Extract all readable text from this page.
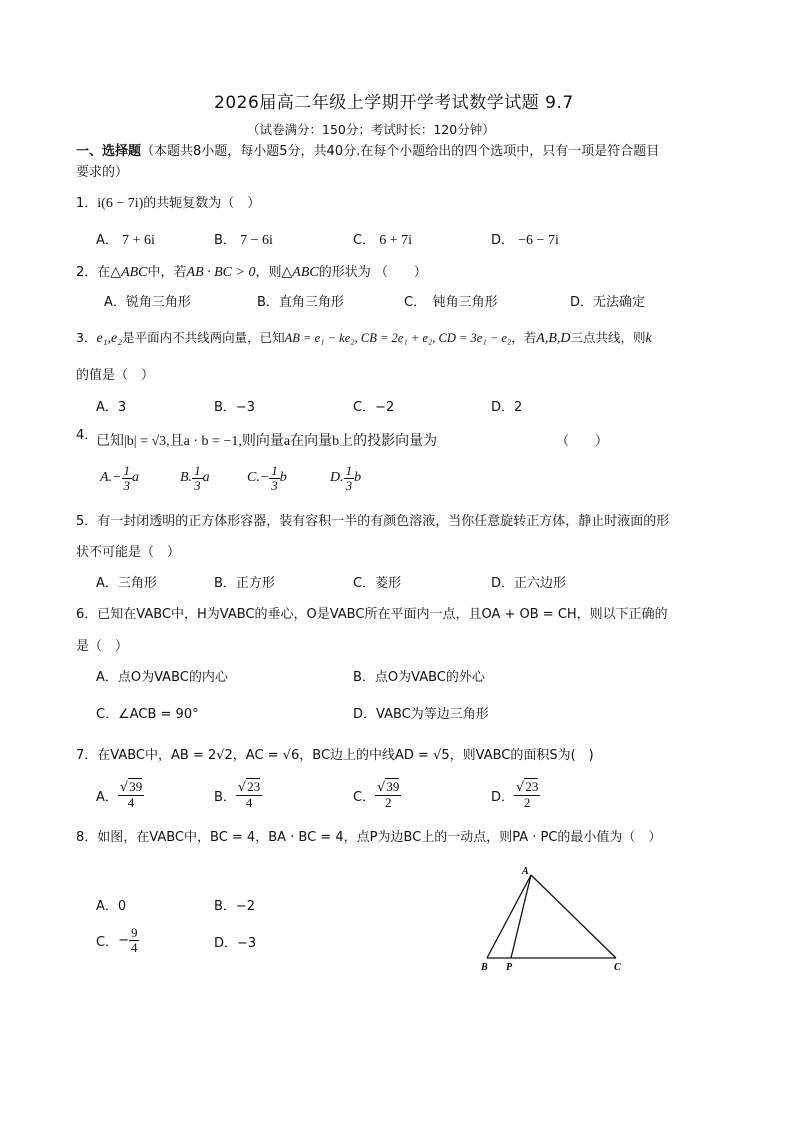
2026届高二年级上学期开学考试数学试题 9.7
（试卷满分：150分；考试时长：120分钟）
一、选择题（本题共8小题，每小题5分，共40分.在每个小题给出的四个选项中，只有一项是符合题目
要求的）
1．i(6 − 7i)的共轭复数为（　）
A． 7 + 6i	B． 7 − 6i	C． 6 + 7i	D． −6 − 7i
2．在△ABC中，若AB · BC > 0，则△ABC的形状为 （　　）
A．锐角三角形	B．直角三角形	C．　钝角三角形	D．无法确定
3．e₁,e₂是平面内不共线两向量，已知AB = e₁ − ke₂, CB = 2e₁ + e₂, CD = 3e₁ − e₂，若A,B,D三点共线，则k
的值是（　）
A．3	B．−3	C．−2	D．2
4．
已知|b| = √3,且a · b = −1,则向量a在向量b上的投影向量为	（　　）
$A.- \frac{1}{3}$ a	B. $\frac{1}{3}$ a	$C.- \frac{1}{3}$ b	D. $\frac{1}{3}$ b
5．有一封闭透明的正方体形容器，装有容积一半的有颜色溶液，当你任意旋转正方体，静止时液面的形
状不可能是（　）
A．三角形	B．正方形	C．菱形	D．正六边形
6．已知在VABC中，H为VABC的垂心，O是VABC所在平面内一点，且OA + OB = CH，则以下正确的
是（　）
A．点O为VABC的内心	B．点O为VABC的外心
C．∠ACB = 90°	D．VABC为等边三角形
7．在VABC中，AB = 2√2，AC = √6，BC边上的中线AD = √5，则VABC的面积S为(　)
A． $\frac{√39}{4}$	B． $\frac{√23}{4}$	C． $\frac{√39}{2}$	D． $\frac{√23}{2}$
8．如图，在VABC中，BC = 4，BA · BC = 4，点P为边BC上的一动点，则PA · PC的最小值为（　）
A．0	B．−2
C． − $\frac{9}{4}$	D．−3
A
B P	C
